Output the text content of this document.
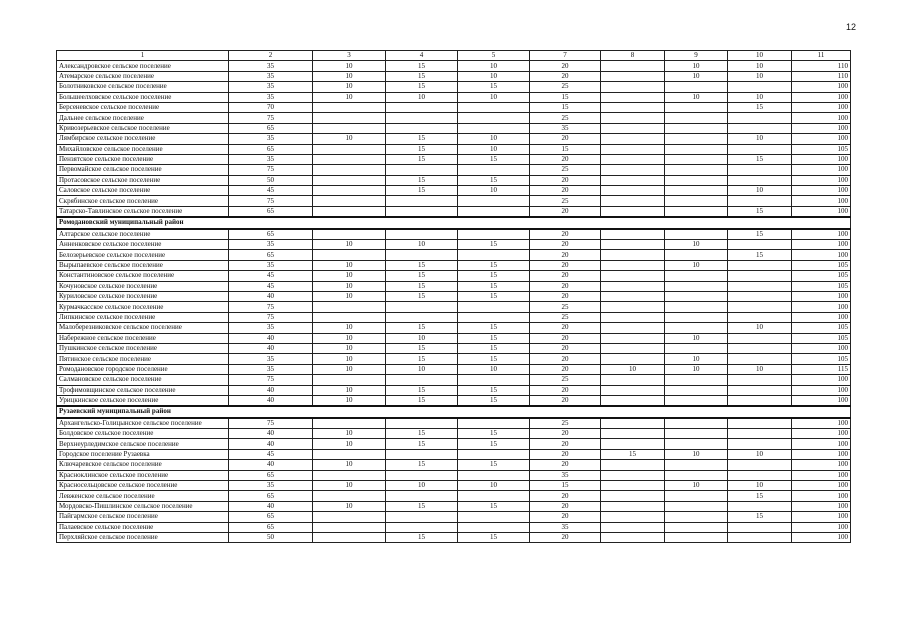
12
1	2	3	4	5	7	8	9	10	11
Александровское сельское поселение	35	10	15	10	20		10	10	110
Атемарское сельское поселение	35	10	15	10	20		10	10	110
Болотниковское сельское поселение	35	10	15	15	25				100
Большеелховское сельское поселение	35	10	10	10	15		10	10	100
Берсеневское сельское поселение	70				15			15	100
Дальнее сельское поселение	75				25				100
Кривозерьевское сельское поселение	65				35				100
Лямбирское сельское поселение	35	10	15	10	20			10	100
Михайловское сельское поселение	65		15	10	15				105
Пензятское сельское поселение	35		15	15	20			15	100
Первомайское сельское поселение	75				25				100
Протасовское сельское поселение	50		15	15	20				100
Саловское сельское поселение	45		15	10	20			10	100
Скрябинское сельское поселение	75				25				100
Татарско-Тавлинское сельское поселение	65				20			15	100
Ромодановский муниципальный район									
Алтарское сельское поселение	65				20			15	100
Анненковское сельское поселение	35	10	10	15	20		10		100
Белозерьевское сельское поселение	65				20			15	100
Вырыпаевское сельское поселение	35	10	15	15	20		10		105
Константиновское сельское поселение	45	10	15	15	20				105
Кочуновское сельское поселение	45	10	15	15	20				105
Куриловское сельское поселение	40	10	15	15	20				100
Курмачкасское сельское поселение	75				25				100
Липкинское сельское поселение	75				25				100
Малоберезниковское сельское поселение	35	10	15	15	20			10	105
Набережное сельское поселение	40	10	10	15	20		10		105
Пушкинское сельское поселение	40	10	15	15	20				100
Пятинское сельское поселение	35	10	15	15	20		10		105
Ромодановское городское поселение	35	10	10	10	20	10	10	10	115
Салмановское сельское поселение	75				25				100
Трофимовщинское сельское поселение	40	10	15	15	20				100
Урицкинское сельское поселение	40	10	15	15	20				100
Рузаевский муниципальный район									
Архангельско-Голицынское сельское поселение	75				25				100
Болдовское сельское поселение	40	10	15	15	20				100
Верхнеурледимское сельское поселение	40	10	15	15	20				100
Городское поселение Рузаевка	45				20	15	10	10	100
Ключаревское сельское поселение	40	10	15	15	20				100
Красноклинское сельское поселение	65				35				100
Красносельцовское сельское поселение	35	10	10	10	15		10	10	100
Левженское сельское поселение	65				20			15	100
Мордовско-Пишлинское сельское поселение	40	10	15	15	20				100
Пайгармское сельское поселение	65				20			15	100
Палаевское сельское поселение	65				35				100
Перхляйское сельское поселение	50		15	15	20				100
